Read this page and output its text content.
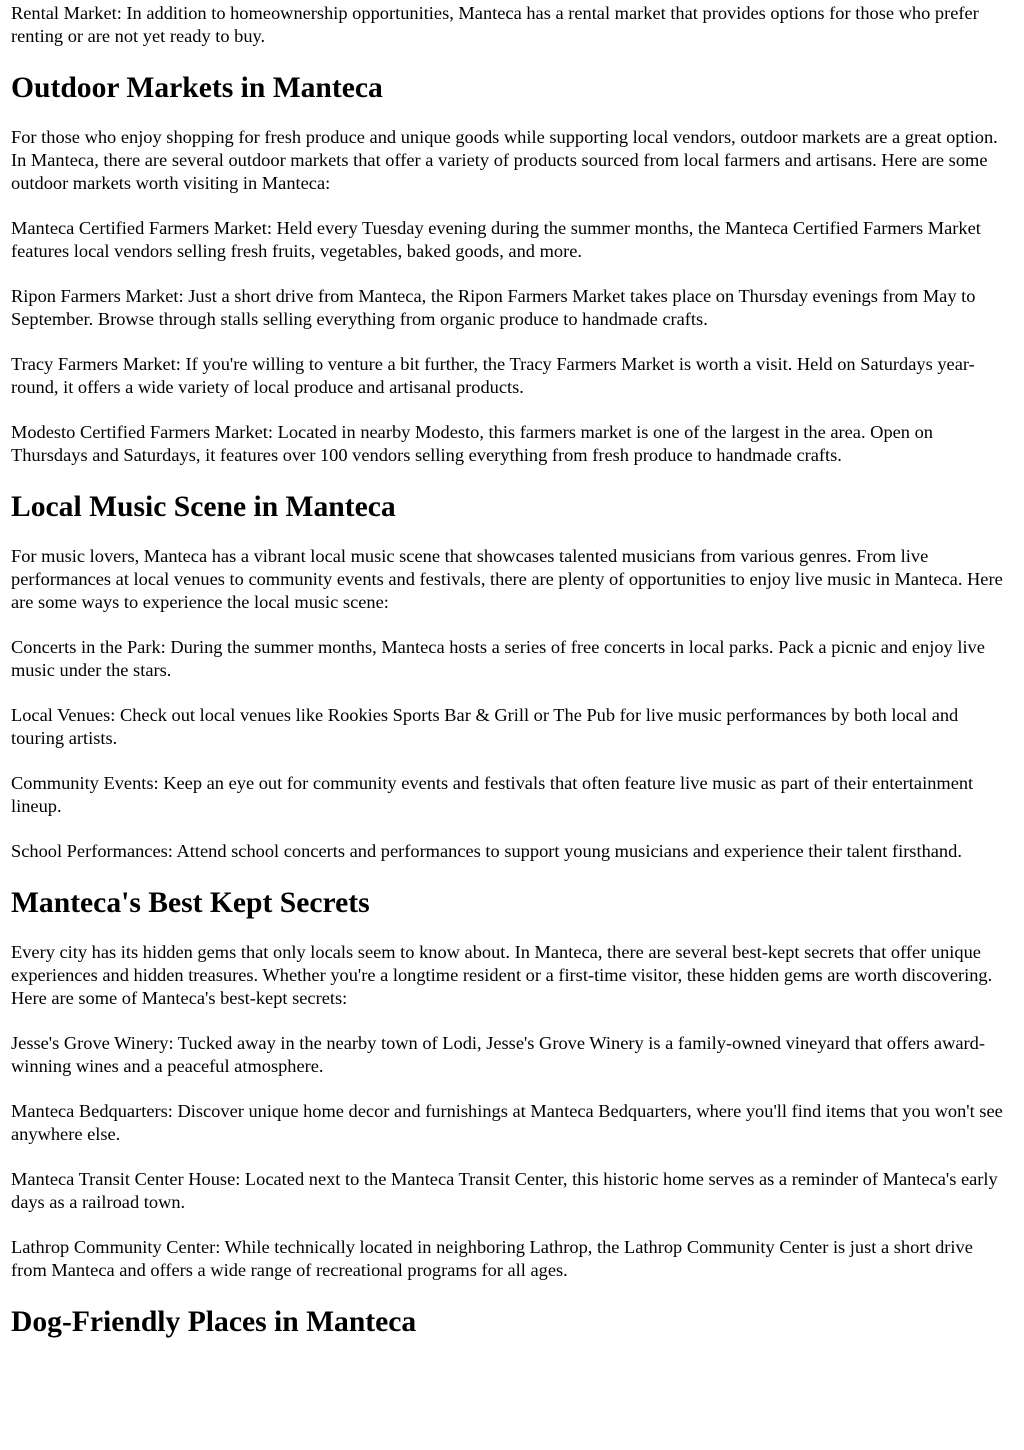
Rental Market: In addition to homeownership opportunities, Manteca has a rental market that provides options for those who prefer renting or are not yet ready to buy.

Outdoor Markets in Manteca

For those who enjoy shopping for fresh produce and unique goods while supporting local vendors, outdoor markets are a great option. In Manteca, there are several outdoor markets that offer a variety of products sourced from local farmers and artisans. Here are some outdoor markets worth visiting in Manteca:

Manteca Certified Farmers Market: Held every Tuesday evening during the summer months, the Manteca Certified Farmers Market features local vendors selling fresh fruits, vegetables, baked goods, and more.

Ripon Farmers Market: Just a short drive from Manteca, the Ripon Farmers Market takes place on Thursday evenings from May to September. Browse through stalls selling everything from organic produce to handmade crafts.

Tracy Farmers Market: If you're willing to venture a bit further, the Tracy Farmers Market is worth a visit. Held on Saturdays year-round, it offers a wide variety of local produce and artisanal products.

Modesto Certified Farmers Market: Located in nearby Modesto, this farmers market is one of the largest in the area. Open on Thursdays and Saturdays, it features over 100 vendors selling everything from fresh produce to handmade crafts.

Local Music Scene in Manteca

For music lovers, Manteca has a vibrant local music scene that showcases talented musicians from various genres. From live performances at local venues to community events and festivals, there are plenty of opportunities to enjoy live music in Manteca. Here are some ways to experience the local music scene:

Concerts in the Park: During the summer months, Manteca hosts a series of free concerts in local parks. Pack a picnic and enjoy live music under the stars.

Local Venues: Check out local venues like Rookies Sports Bar & Grill or The Pub for live music performances by both local and touring artists.

Community Events: Keep an eye out for community events and festivals that often feature live music as part of their entertainment lineup.

School Performances: Attend school concerts and performances to support young musicians and experience their talent firsthand.

Manteca's Best Kept Secrets

Every city has its hidden gems that only locals seem to know about. In Manteca, there are several best-kept secrets that offer unique experiences and hidden treasures. Whether you're a longtime resident or a first-time visitor, these hidden gems are worth discovering. Here are some of Manteca's best-kept secrets:

Jesse's Grove Winery: Tucked away in the nearby town of Lodi, Jesse's Grove Winery is a family-owned vineyard that offers award-winning wines and a peaceful atmosphere.

Manteca Bedquarters: Discover unique home decor and furnishings at Manteca Bedquarters, where you'll find items that you won't see anywhere else.

Manteca Transit Center House: Located next to the Manteca Transit Center, this historic home serves as a reminder of Manteca's early days as a railroad town.

Lathrop Community Center: While technically located in neighboring Lathrop, the Lathrop Community Center is just a short drive from Manteca and offers a wide range of recreational programs for all ages.

Dog-Friendly Places in Manteca
